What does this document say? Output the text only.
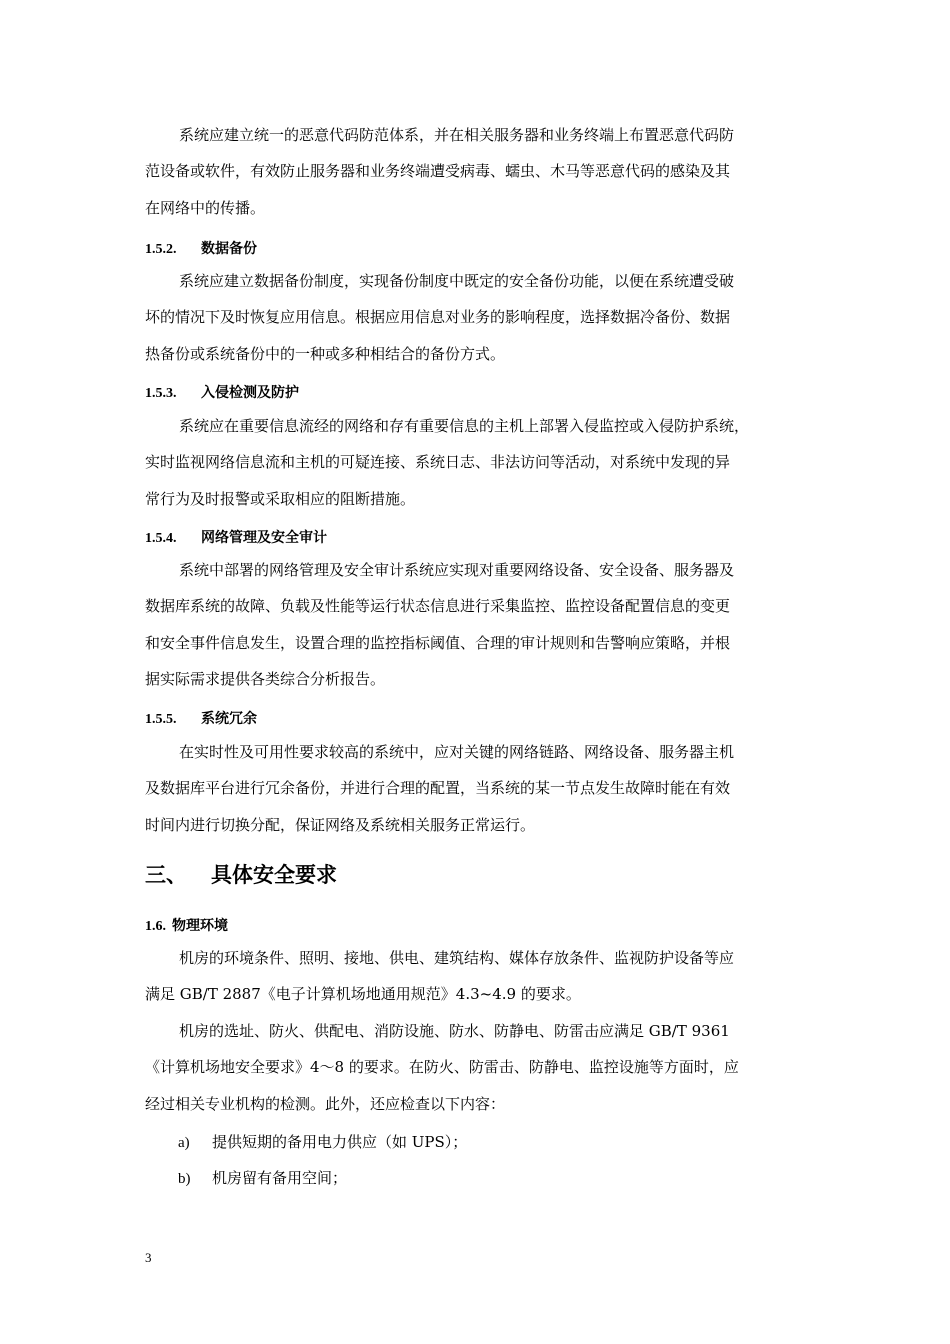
系统应建立统一的恶意代码防范体系，并在相关服务器和业务终端上布置恶意代码防
范设备或软件，有效防止服务器和业务终端遭受病毒、蠕虫、木马等恶意代码的感染及其
在网络中的传播。

1.5.2. 数据备份

系统应建立数据备份制度，实现备份制度中既定的安全备份功能，以便在系统遭受破
坏的情况下及时恢复应用信息。根据应用信息对业务的影响程度，选择数据冷备份、数据
热备份或系统备份中的一种或多种相结合的备份方式。

1.5.3. 入侵检测及防护

系统应在重要信息流经的网络和存有重要信息的主机上部署入侵监控或入侵防护系统，
实时监视网络信息流和主机的可疑连接、系统日志、非法访问等活动，对系统中发现的异
常行为及时报警或采取相应的阻断措施。

1.5.4. 网络管理及安全审计

系统中部署的网络管理及安全审计系统应实现对重要网络设备、安全设备、服务器及
数据库系统的故障、负载及性能等运行状态信息进行采集监控、监控设备配置信息的变更
和安全事件信息发生，设置合理的监控指标阈值、合理的审计规则和告警响应策略，并根
据实际需求提供各类综合分析报告。

1.5.5. 系统冗余

在实时性及可用性要求较高的系统中，应对关键的网络链路、网络设备、服务器主机
及数据库平台进行冗余备份，并进行合理的配置，当系统的某一节点发生故障时能在有效
时间内进行切换分配，保证网络及系统相关服务正常运行。

三、 具体安全要求
1.6. 物理环境

机房的环境条件、照明、接地、供电、建筑结构、媒体存放条件、监视防护设备等应
满足 GB/T 2887《电子计算机场地通用规范》4.3~4.9 的要求。

机房的选址、防火、供配电、消防设施、防水、防静电、防雷击应满足 GB/T 9361
《计算机场地安全要求》4～8 的要求。在防火、防雷击、防静电、监控设施等方面时，应
经过相关专业机构的检测。此外，还应检查以下内容：

a) 提供短期的备用电力供应（如 UPS）；

b) 机房留有备用空间；

3
